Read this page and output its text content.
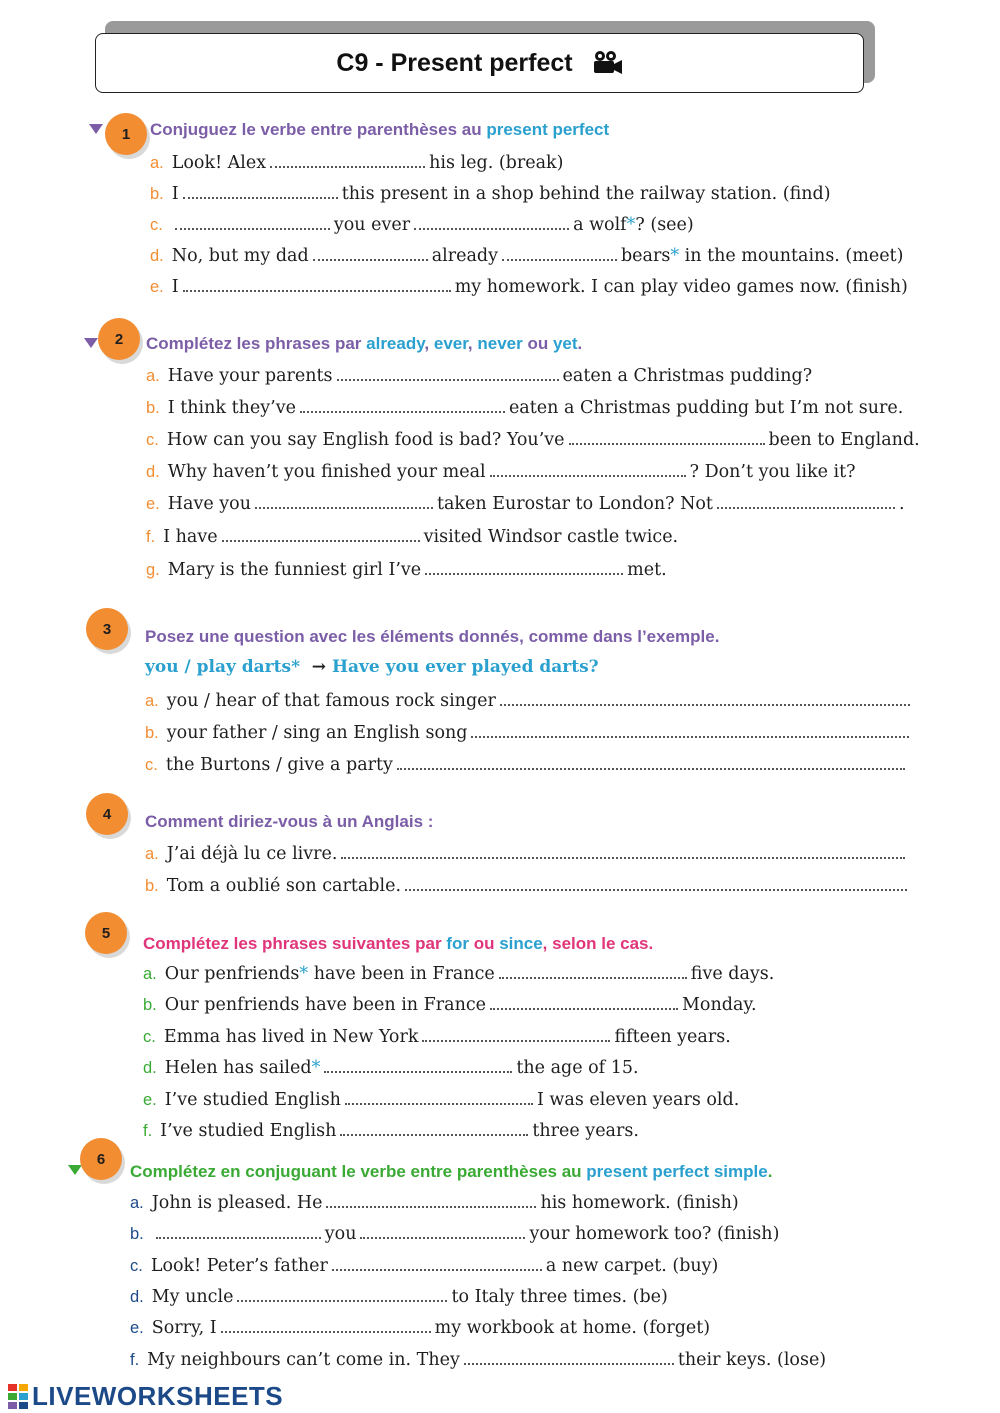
C9 - Present perfect
1	Conjuguez le verbe entre parenthèses au present perfect
a. Look! Alex	his leg. (break)
b. I	this present in a shop behind the railway station. (find)
c.	you ever	a wolf*? (see)
d. No, but my dad	already	bears* in the mountains. (meet)
e. I	my homework. I can play video games now. (finish)
2	Complétez les phrases par already, ever, never ou yet.
a. Have your parents	eaten a Christmas pudding?
b. I think they’ve	eaten a Christmas pudding but I’m not sure.
c. How can you say English food is bad? You’ve	been to England.
d. Why haven’t you finished your meal	? Don’t you like it?
e. Have you	taken Eurostar to London? Not	.
f. I have	visited Windsor castle twice.
g. Mary is the funniest girl I’ve	met.
3	Posez une question avec les éléments donnés, comme dans l’exemple.
you / play darts* → Have you ever played darts?
a. you / hear of that famous rock singer
b. your father / sing an English song
c. the Burtons / give a party
4	Comment diriez-vous à un Anglais :
a. J’ai déjà lu ce livre.
b. Tom a oublié son cartable.
5
Complétez les phrases suivantes par for ou since, selon le cas.
a. Our penfriends* have been in France	five days.
b. Our penfriends have been in France	Monday.
c. Emma has lived in New York	fifteen years.
d. Helen has sailed*	the age of 15.
e. I’ve studied English	I was eleven years old.
f. I’ve studied English	three years.
6
Complétez en conjuguant le verbe entre parenthèses au present perfect simple.
a. John is pleased. He	his homework. (finish)
b.	you	your homework too? (finish)
c. Look! Peter’s father	a new carpet. (buy)
d. My uncle	to Italy three times. (be)
e. Sorry, I	my workbook at home. (forget)
f. My neighbours can’t come in. They	their keys. (lose)
LIVEWORKSHEETS
